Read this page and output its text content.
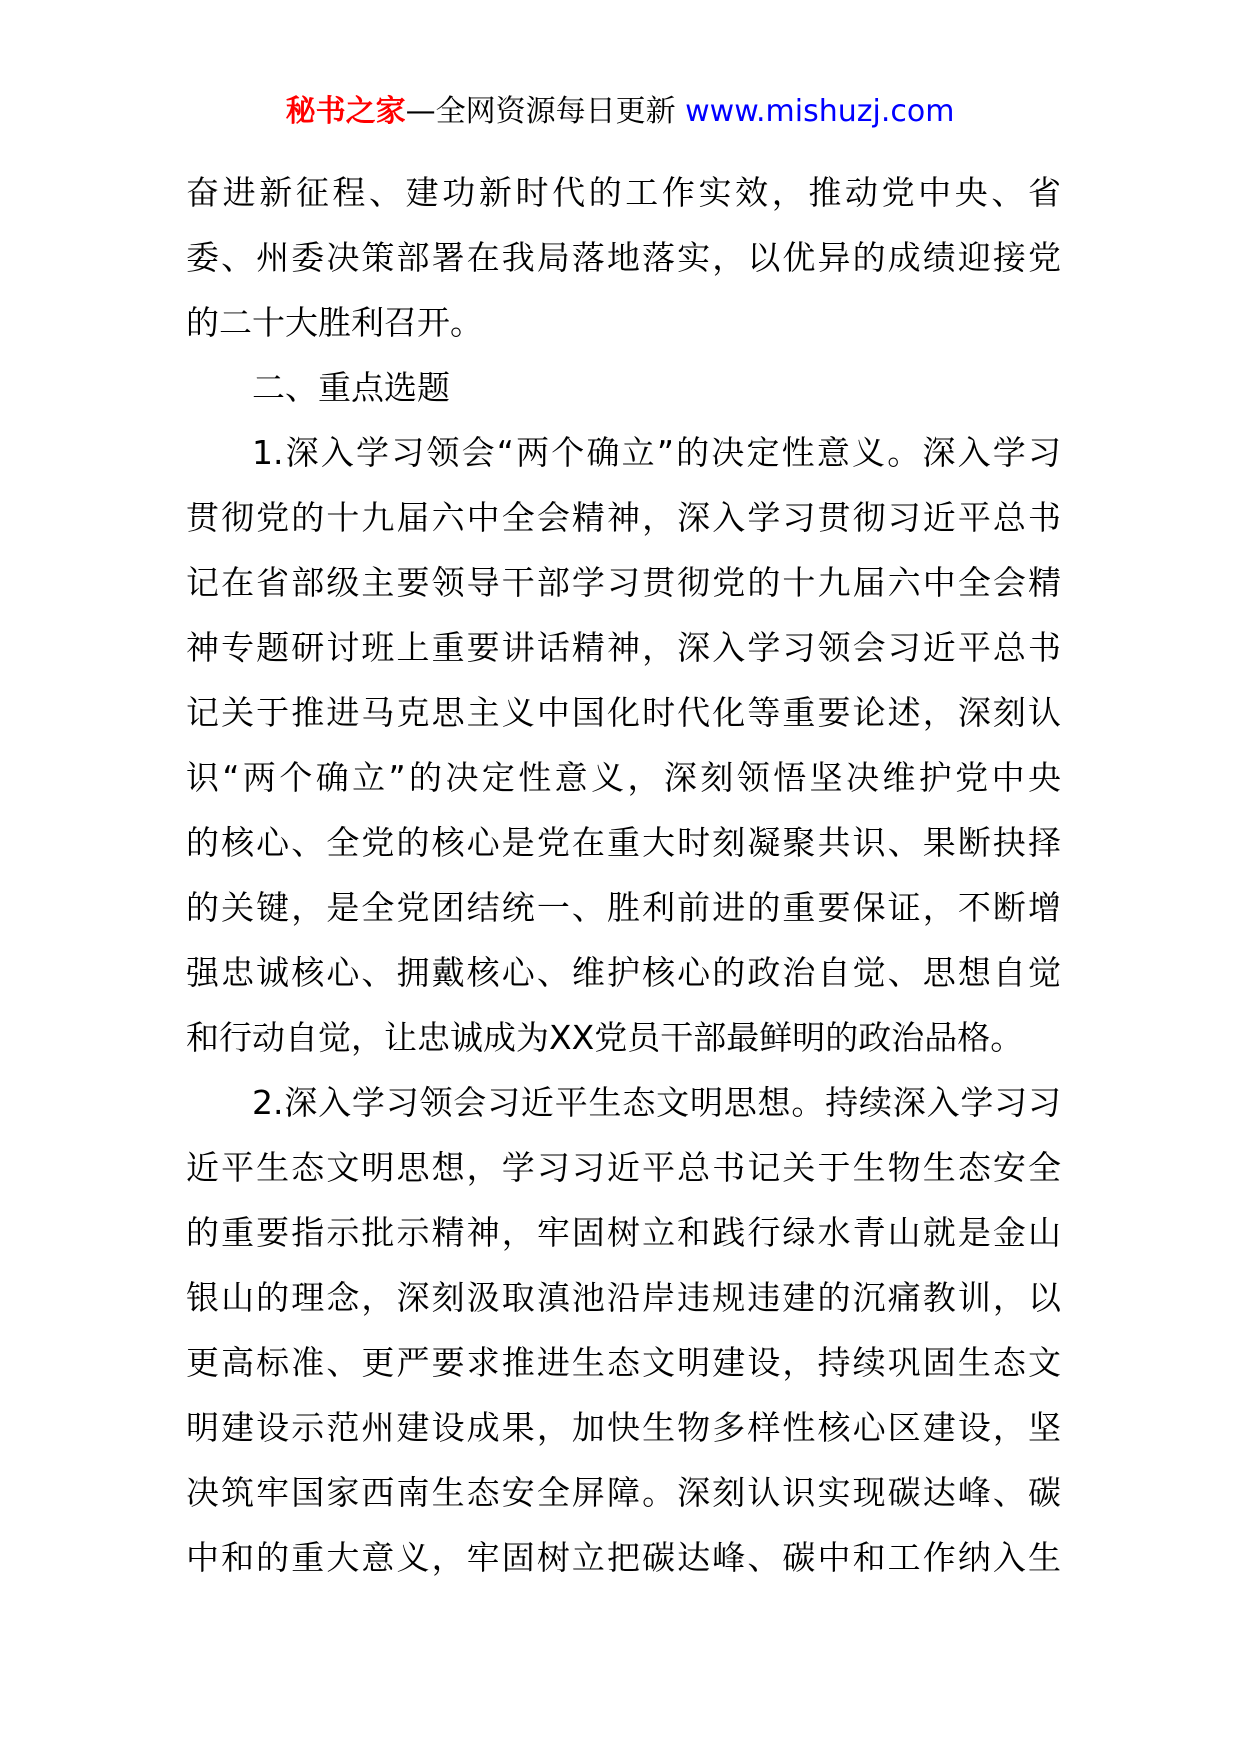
秘书之家—全网资源每日更新 www.mishuzj.com
奋进新征程、建功新时代的工作实效，推动党中央、省
委、州委决策部署在我局落地落实，以优异的成绩迎接党
的二十大胜利召开。
二、重点选题
1.深入学习领会“两个确立”的决定性意义。深入学习
贯彻党的十九届六中全会精神，深入学习贯彻习近平总书
记在省部级主要领导干部学习贯彻党的十九届六中全会精
神专题研讨班上重要讲话精神，深入学习领会习近平总书
记关于推进马克思主义中国化时代化等重要论述，深刻认
识“两个确立”的决定性意义，深刻领悟坚决维护党中央
的核心、全党的核心是党在重大时刻凝聚共识、果断抉择
的关键，是全党团结统一、胜利前进的重要保证，不断增
强忠诚核心、拥戴核心、维护核心的政治自觉、思想自觉
和行动自觉，让忠诚成为XX党员干部最鲜明的政治品格。
2.深入学习领会习近平生态文明思想。持续深入学习习
近平生态文明思想，学习习近平总书记关于生物生态安全
的重要指示批示精神，牢固树立和践行绿水青山就是金山
银山的理念，深刻汲取滇池沿岸违规违建的沉痛教训，以
更高标准、更严要求推进生态文明建设，持续巩固生态文
明建设示范州建设成果，加快生物多样性核心区建设，坚
决筑牢国家西南生态安全屏障。深刻认识实现碳达峰、碳
中和的重大意义，牢固树立把碳达峰、碳中和工作纳入生
